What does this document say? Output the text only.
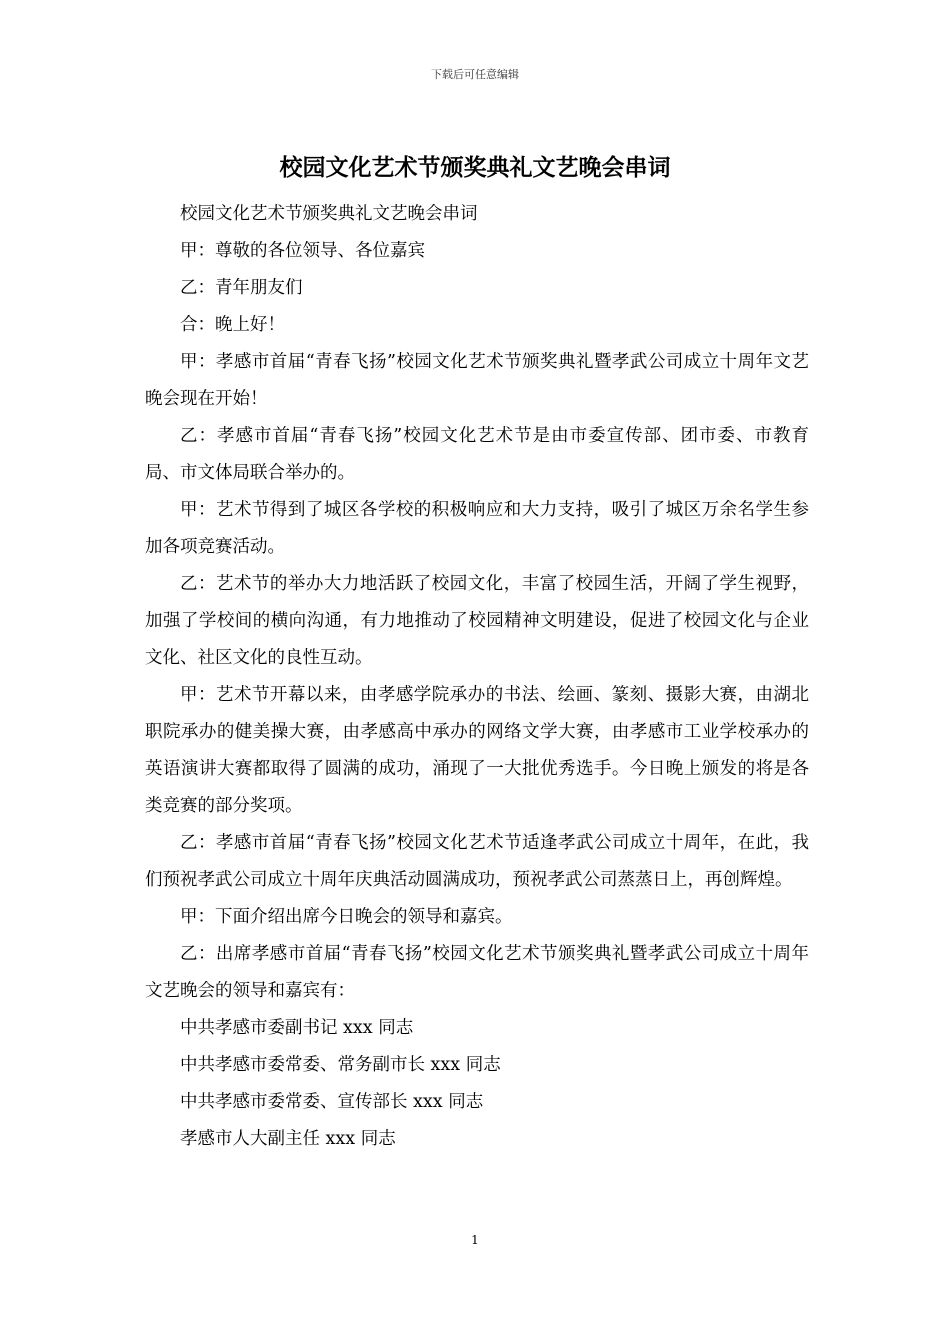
下载后可任意编辑
校园文化艺术节颁奖典礼文艺晚会串词

校园文化艺术节颁奖典礼文艺晚会串词

甲：尊敬的各位领导、各位嘉宾

乙：青年朋友们

合：晚上好！

甲：孝感市首届“青春飞扬”校园文化艺术节颁奖典礼暨孝武公司成立十周年文艺晚会现在开始！

乙：孝感市首届“青春飞扬”校园文化艺术节是由市委宣传部、团市委、市教育局、市文体局联合举办的。

甲：艺术节得到了城区各学校的积极响应和大力支持，吸引了城区万余名学生参加各项竞赛活动。

乙：艺术节的举办大力地活跃了校园文化，丰富了校园生活，开阔了学生视野，加强了学校间的横向沟通，有力地推动了校园精神文明建设，促进了校园文化与企业文化、社区文化的良性互动。

甲：艺术节开幕以来，由孝感学院承办的书法、绘画、篆刻、摄影大赛，由湖北职院承办的健美操大赛，由孝感高中承办的网络文学大赛，由孝感市工业学校承办的英语演讲大赛都取得了圆满的成功，涌现了一大批优秀选手。今日晚上颁发的将是各类竞赛的部分奖项。

乙：孝感市首届“青春飞扬”校园文化艺术节适逢孝武公司成立十周年，在此，我们预祝孝武公司成立十周年庆典活动圆满成功，预祝孝武公司蒸蒸日上，再创辉煌。

甲：下面介绍出席今日晚会的领导和嘉宾。

乙：出席孝感市首届“青春飞扬”校园文化艺术节颁奖典礼暨孝武公司成立十周年文艺晚会的领导和嘉宾有：

中共孝感市委副书记 xxx 同志

中共孝感市委常委、常务副市长 xxx 同志

中共孝感市委常委、宣传部长 xxx 同志

孝感市人大副主任 xxx 同志

1
